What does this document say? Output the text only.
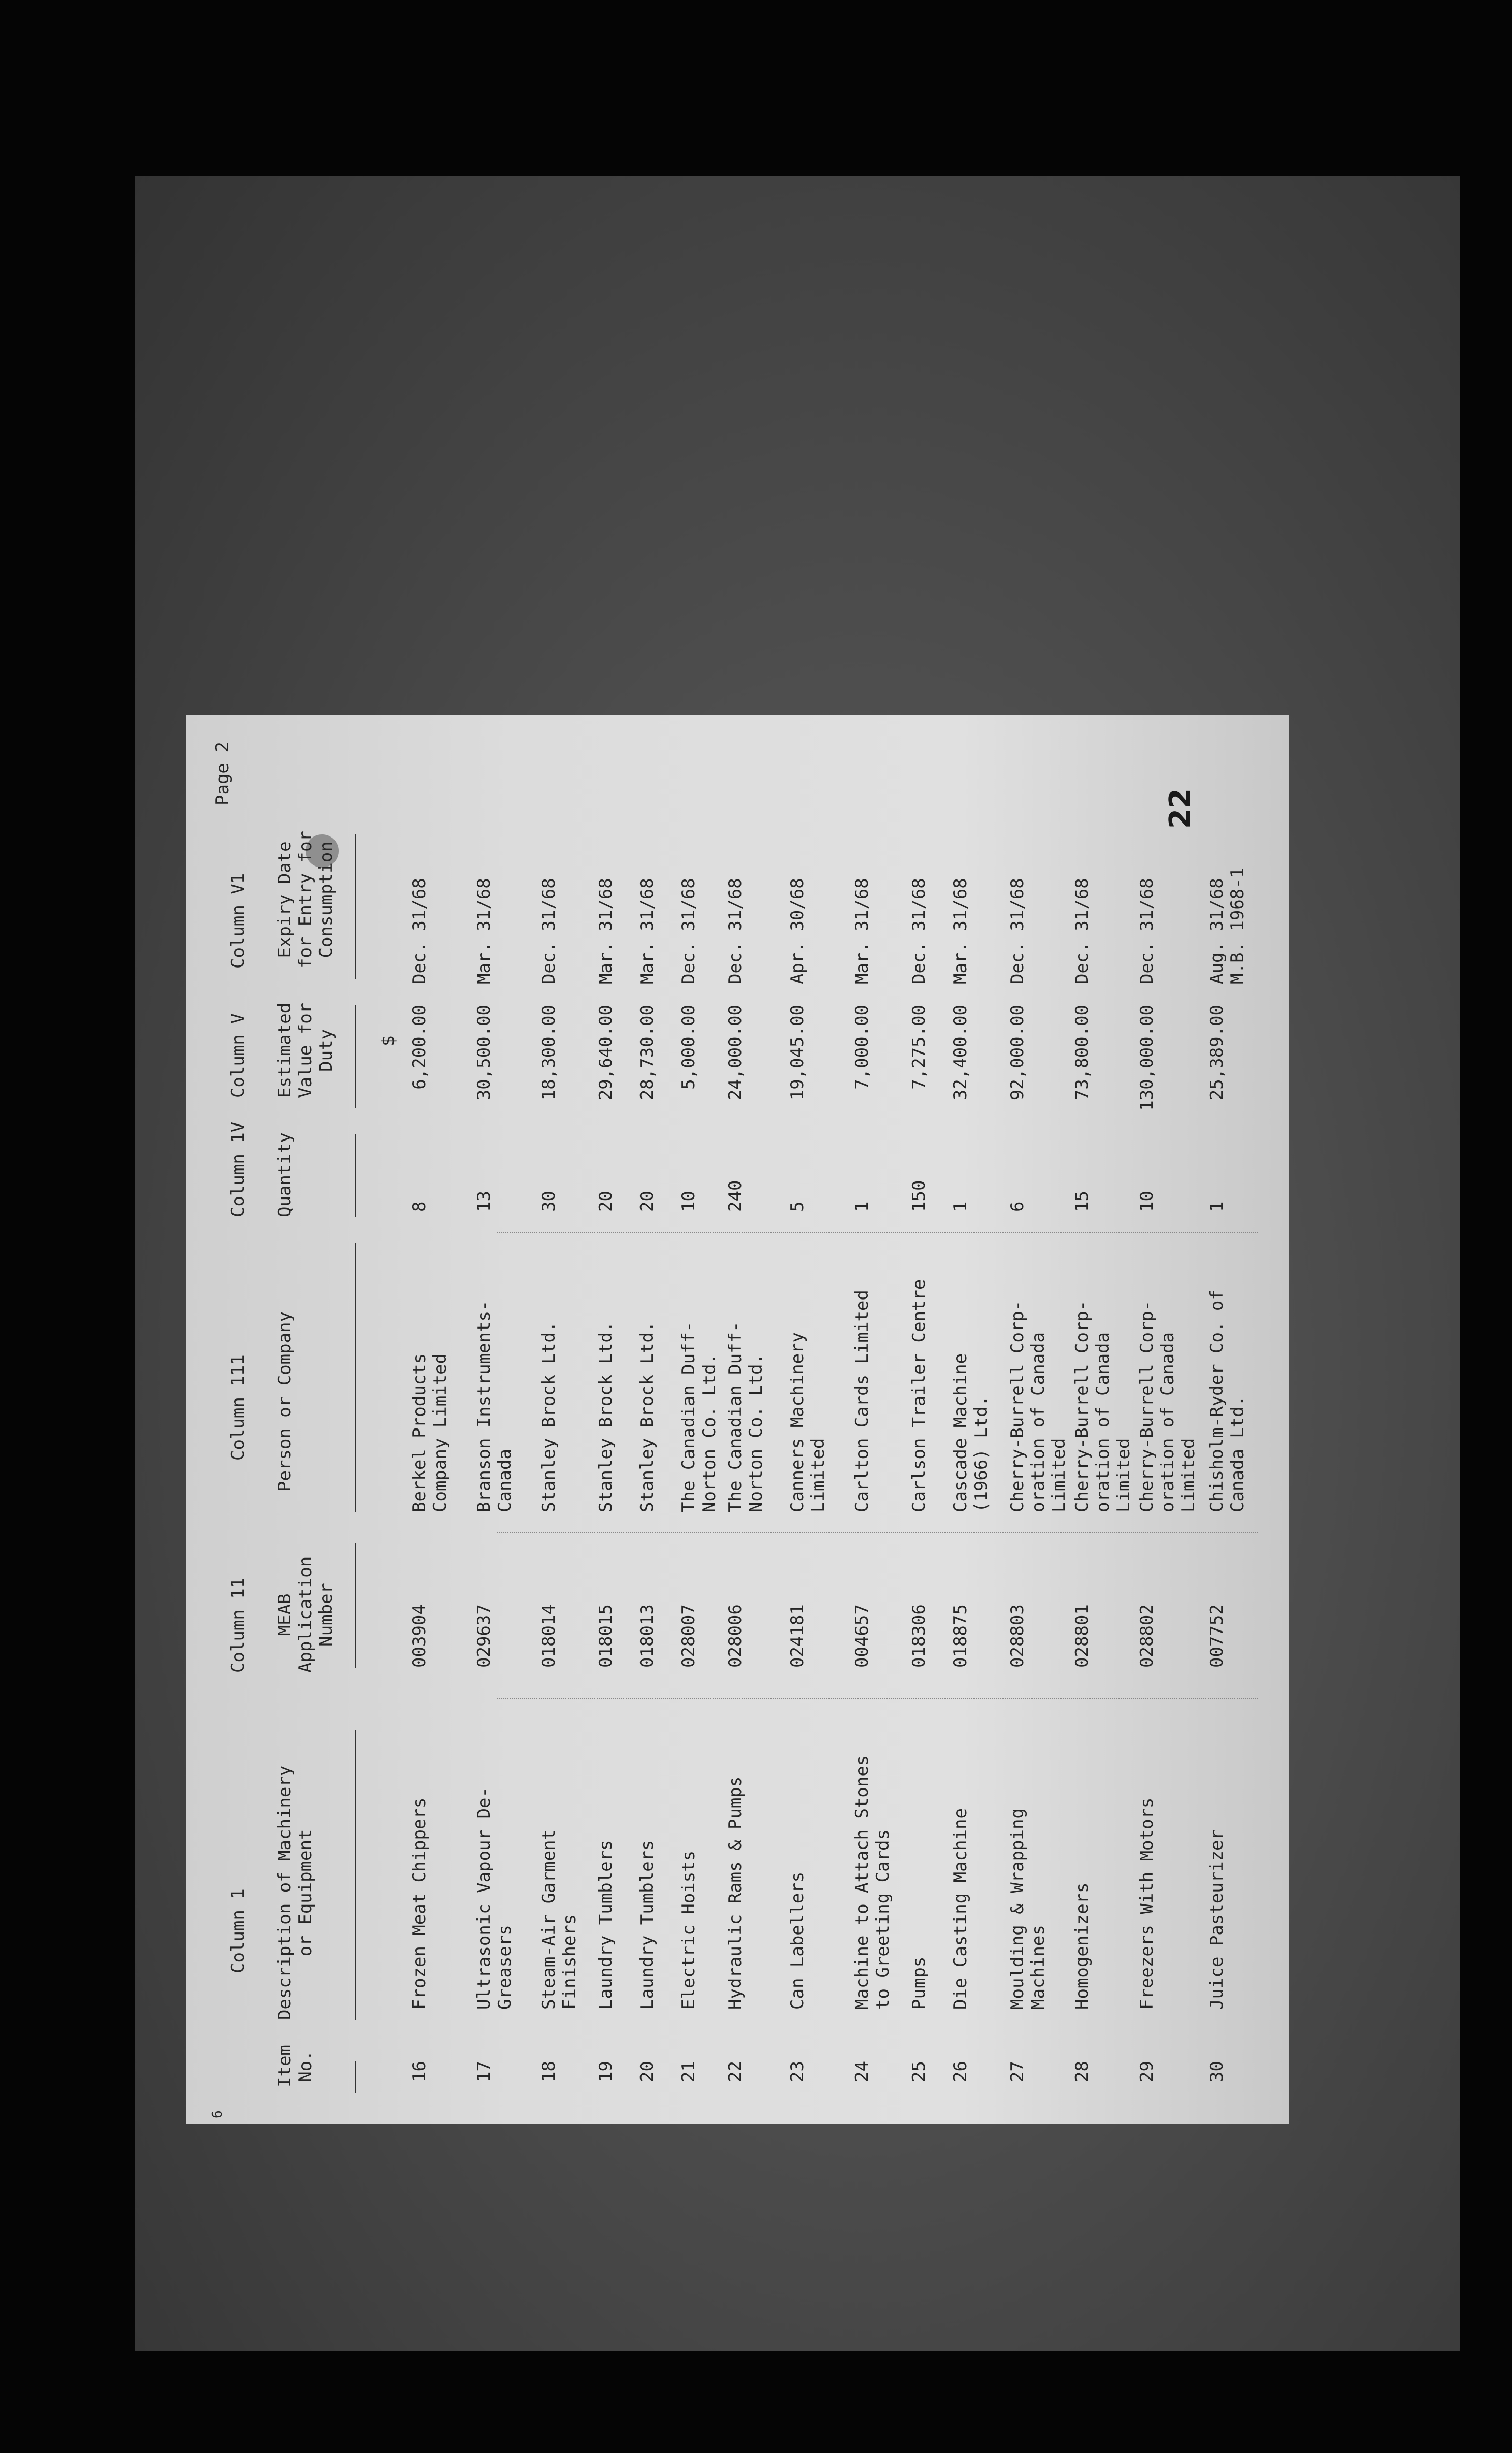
6
Page 2
22
Column 1
Column 11
Column 111
Column 1V
Column V
Column V1
Item
No.
Description of Machinery
or Equipment
MEAB
Application
Number
Person or Company
Quantity
Estimated
Value for
Duty
Expiry Date
for Entry for
Consumption
$
16
Frozen Meat Chippers
003904
Berkel Products
Company Limited
8
6,200.00
Dec. 31/68
17
Ultrasonic Vapour De-
Greasers
029637
Branson Instruments-
Canada
13
30,500.00
Mar. 31/68
18
Steam-Air Garment
Finishers
018014
Stanley Brock Ltd.
30
18,300.00
Dec. 31/68
19
Laundry Tumblers
018015
Stanley Brock Ltd.
20
29,640.00
Mar. 31/68
20
Laundry Tumblers
018013
Stanley Brock Ltd.
20
28,730.00
Mar. 31/68
21
Electric Hoists
028007
The Canadian Duff-
Norton Co. Ltd.
10
5,000.00
Dec. 31/68
22
Hydraulic Rams & Pumps
028006
The Canadian Duff-
Norton Co. Ltd.
240
24,000.00
Dec. 31/68
23
Can Labellers
024181
Canners Machinery
Limited
5
19,045.00
Apr. 30/68
24
Machine to Attach Stones
to Greeting Cards
004657
Carlton Cards Limited
1
7,000.00
Mar. 31/68
25
Pumps
018306
Carlson Trailer Centre
150
7,275.00
Dec. 31/68
26
Die Casting Machine
018875
Cascade Machine
(1966) Ltd.
1
32,400.00
Mar. 31/68
27
Moulding & Wrapping
Machines
028803
Cherry-Burrell Corp-
oration of Canada
Limited
6
92,000.00
Dec. 31/68
28
Homogenizers
028801
Cherry-Burrell Corp-
oration of Canada
Limited
15
73,800.00
Dec. 31/68
29
Freezers With Motors
028802
Cherry-Burrell Corp-
oration of Canada
Limited
10
130,000.00
Dec. 31/68
30
Juice Pasteurizer
007752
Chisholm-Ryder Co. of
Canada Ltd.
1
25,389.00
Aug. 31/68
M.B. 1968-1
